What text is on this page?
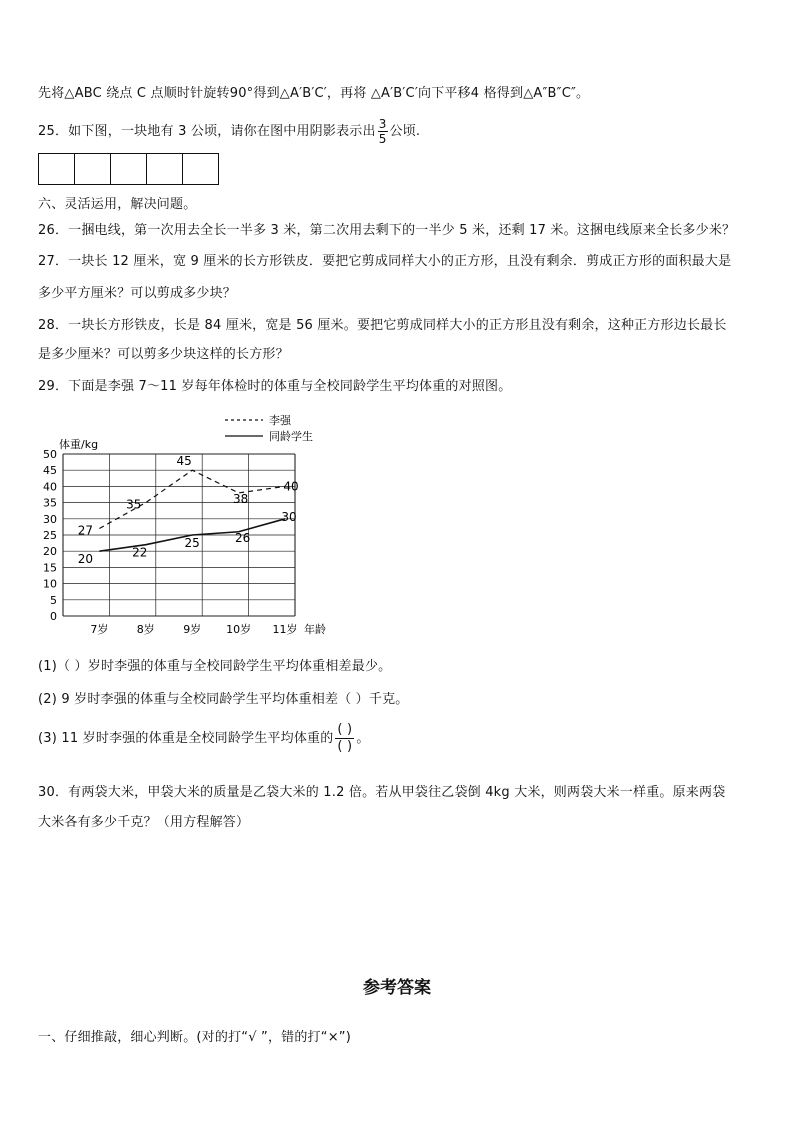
先将△ABC 绕点 C 点顺时针旋转90°得到△A′B′C′，再将 △A′B′C′向下平移4 格得到△A″B″C″。
25．如下图，一块地有 3 公顷，请你在图中用阴影表示出 $\frac{3}{5}$ 公顷.
六、灵活运用，解决问题。
26．一捆电线，第一次用去全长一半多 3 米，第二次用去剩下的一半少 5 米，还剩 17 米。这捆电线原来全长多少米？
27．一块长 12 厘米，宽 9 厘米的长方形铁皮．要把它剪成同样大小的正方形，且没有剩余．剪成正方形的面积最大是
多少平方厘米？可以剪成多少块？
28．一块长方形铁皮，长是 84 厘米，宽是 56 厘米。要把它剪成同样大小的正方形且没有剩余，这种正方形边长最长
是多少厘米？可以剪多少块这样的长方形？
29．下面是李强 7～11 岁每年体检时的体重与全校同龄学生平均体重的对照图。
0
5
10
15
20
25
30
35
40
45
50
7岁	8岁	9岁 10岁 11岁
体重/kg
年龄
李强
同龄学生
27
35
45
38
40
20	22
25	26
30
(1)（ ）岁时李强的体重与全校同龄学生平均体重相差最少。
(2) 9 岁时李强的体重与全校同龄学生平均体重相差（ ）千克。
(3) 11 岁时李强的体重是全校同龄学生平均体重的
( )
( )
。
30．有两袋大米，甲袋大米的质量是乙袋大米的 1.2 倍。若从甲袋往乙袋倒 4kg 大米，则两袋大米一样重。原来两袋
大米各有多少千克？（用方程解答）
参考答案
一、仔细推敲，细心判断。(对的打“√ ”，错的打“×”)
